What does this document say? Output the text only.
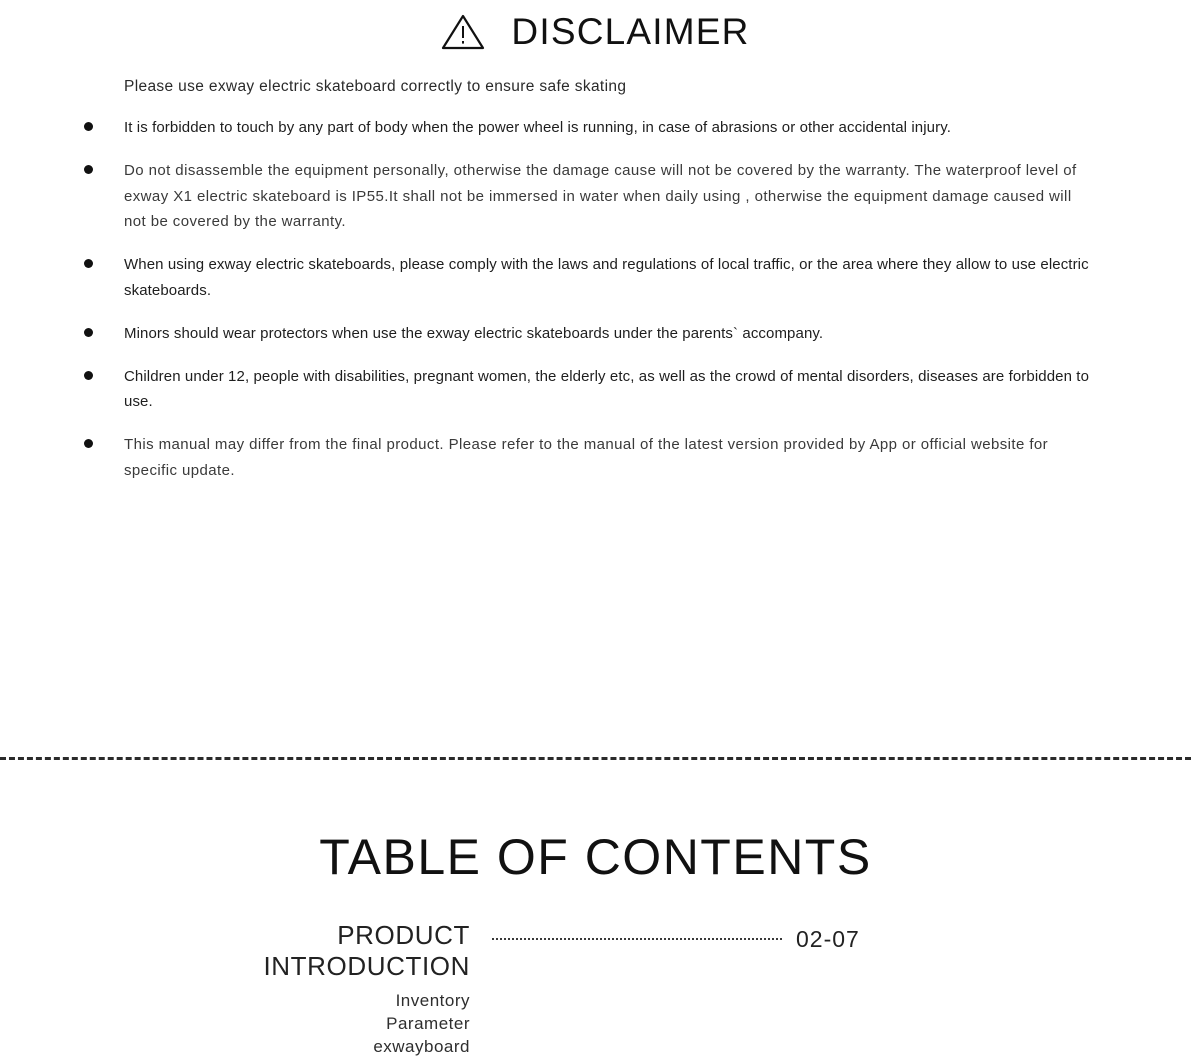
DISCLAIMER
Please use exway electric skateboard correctly to ensure safe skating
It is forbidden to touch by any part of body when the power wheel is running, in case of abrasions or other accidental injury.
Do not disassemble the equipment personally, otherwise the damage cause will not be covered by the warranty. The waterproof level of exway X1 electric skateboard is IP55.It shall not be immersed in water when daily using , otherwise the equipment damage caused will not be covered by the warranty.
When using exway electric skateboards, please comply with the laws and regulations of local traffic, or the area where they allow to use electric skateboards.
Minors should wear protectors when use the exway electric skateboards under the parents` accompany.
Children under 12, people with disabilities, pregnant women, the elderly etc, as well as the crowd of mental disorders, diseases are forbidden to use.
This manual may differ from the final product. Please refer to the manual of the latest version provided by App or official website for specific update.
TABLE OF CONTENTS
PRODUCT
INTRODUCTION
02-07
Inventory
Parameter
exwayboard
